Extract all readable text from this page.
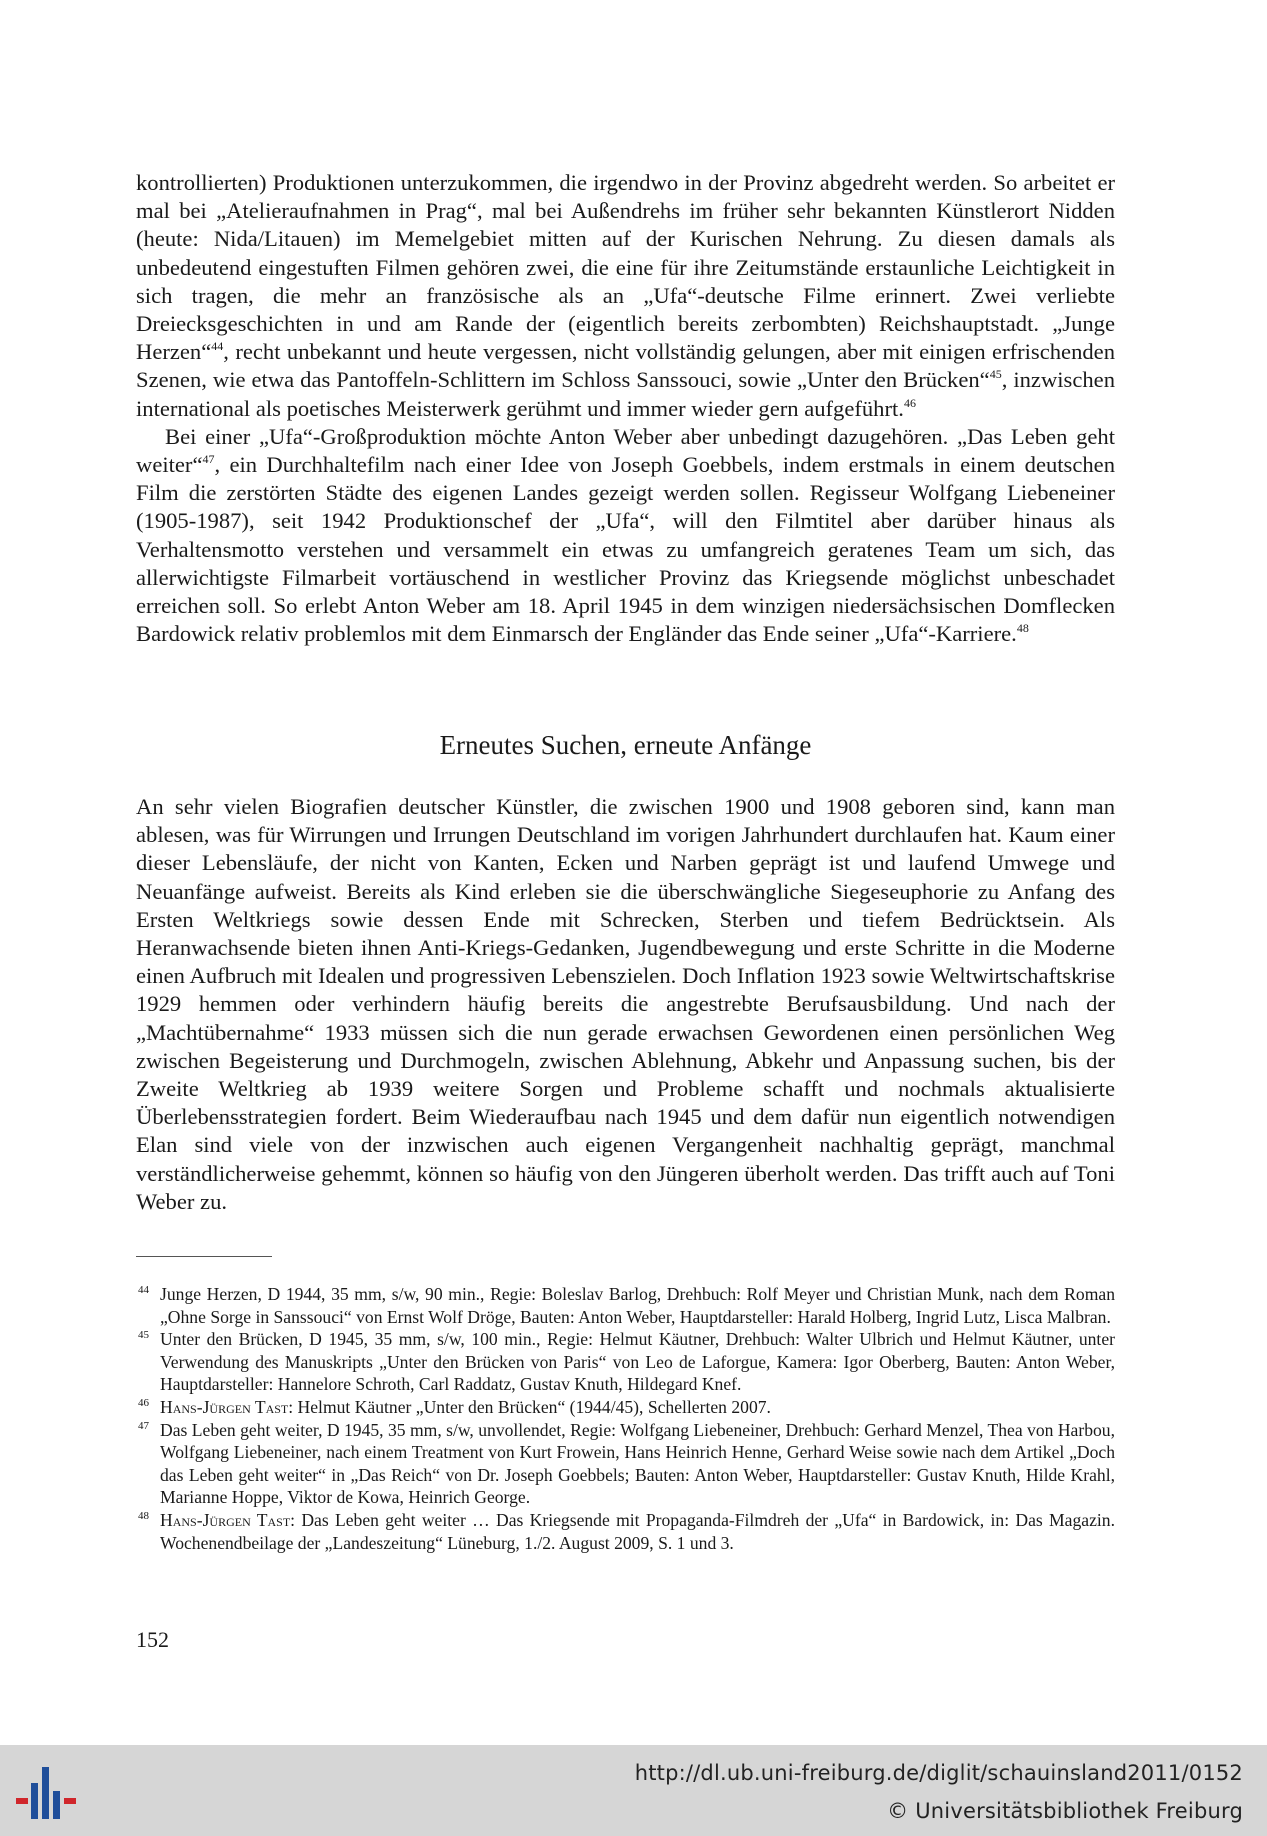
kontrollierten) Produktionen unterzukommen, die irgendwo in der Provinz abgedreht werden. So arbeitet er mal bei „Atelieraufnahmen in Prag“, mal bei Außendrehs im früher sehr bekannten Künstlerort Nidden (heute: Nida/Litauen) im Memelgebiet mitten auf der Kurischen Nehrung. Zu diesen damals als unbedeutend eingestuften Filmen gehören zwei, die eine für ihre Zeitumstände erstaunliche Leichtigkeit in sich tragen, die mehr an französische als an „Ufa“-deutsche Filme erinnert. Zwei verliebte Dreiecksgeschichten in und am Rande der (eigentlich bereits zerbombten) Reichshauptstadt. „Junge Herzen“$^{44}$, recht unbekannt und heute vergessen, nicht vollständig gelungen, aber mit einigen erfrischenden Szenen, wie etwa das Pantoffeln-Schlittern im Schloss Sanssouci, sowie „Unter den Brücken“$^{45}$, inzwischen international als poetisches Meisterwerk gerühmt und immer wieder gern aufgeführt.$^{46}$

Bei einer „Ufa“-Großproduktion möchte Anton Weber aber unbedingt dazugehören. „Das Leben geht weiter“$^{47}$, ein Durchhaltefilm nach einer Idee von Joseph Goebbels, indem erstmals in einem deutschen Film die zerstörten Städte des eigenen Landes gezeigt werden sollen. Regisseur Wolfgang Liebeneiner (1905-1987), seit 1942 Produktionschef der „Ufa“, will den Filmtitel aber darüber hinaus als Verhaltensmotto verstehen und versammelt ein etwas zu umfangreich geratenes Team um sich, das allerwichtigste Filmarbeit vortäuschend in westlicher Provinz das Kriegsende möglichst unbeschadet erreichen soll. So erlebt Anton Weber am 18. April 1945 in dem winzigen niedersächsischen Domflecken Bardowick relativ problemlos mit dem Einmarsch der Engländer das Ende seiner „Ufa“-Karriere.$^{48}$

Erneutes Suchen, erneute Anfänge

An sehr vielen Biografien deutscher Künstler, die zwischen 1900 und 1908 geboren sind, kann man ablesen, was für Wirrungen und Irrungen Deutschland im vorigen Jahrhundert durchlaufen hat. Kaum einer dieser Lebensläufe, der nicht von Kanten, Ecken und Narben geprägt ist und laufend Umwege und Neuanfänge aufweist. Bereits als Kind erleben sie die überschwängliche Siegeseuphorie zu Anfang des Ersten Weltkriegs sowie dessen Ende mit Schrecken, Sterben und tiefem Bedrücktsein. Als Heranwachsende bieten ihnen Anti-Kriegs-Gedanken, Jugendbewegung und erste Schritte in die Moderne einen Aufbruch mit Idealen und progressiven Lebenszielen. Doch Inflation 1923 sowie Weltwirtschaftskrise 1929 hemmen oder verhindern häufig bereits die angestrebte Berufsausbildung. Und nach der „Machtübernahme“ 1933 müssen sich die nun gerade erwachsen Gewordenen einen persönlichen Weg zwischen Begeisterung und Durchmogeln, zwischen Ablehnung, Abkehr und Anpassung suchen, bis der Zweite Weltkrieg ab 1939 weitere Sorgen und Probleme schafft und nochmals aktualisierte Überlebensstrategien fordert. Beim Wiederaufbau nach 1945 und dem dafür nun eigentlich notwendigen Elan sind viele von der inzwischen auch eigenen Vergangenheit nachhaltig geprägt, manchmal verständlicherweise gehemmt, können so häufig von den Jüngeren überholt werden. Das trifft auch auf Toni Weber zu.

44 Junge Herzen, D 1944, 35 mm, s/w, 90 min., Regie: Boleslav Barlog, Drehbuch: Rolf Meyer und Christian Munk, nach dem Roman „Ohne Sorge in Sanssouci“ von Ernst Wolf Dröge, Bauten: Anton Weber, Hauptdarsteller: Harald Holberg, Ingrid Lutz, Lisca Malbran.
45 Unter den Brücken, D 1945, 35 mm, s/w, 100 min., Regie: Helmut Käutner, Drehbuch: Walter Ulbrich und Helmut Käutner, unter Verwendung des Manuskripts „Unter den Brücken von Paris“ von Leo de Laforgue, Kamera: Igor Oberberg, Bauten: Anton Weber, Hauptdarsteller: Hannelore Schroth, Carl Raddatz, Gustav Knuth, Hildegard Knef.
46 Hans-Jürgen Tast: Helmut Käutner „Unter den Brücken“ (1944/45), Schellerten 2007.
47 Das Leben geht weiter, D 1945, 35 mm, s/w, unvollendet, Regie: Wolfgang Liebeneiner, Drehbuch: Gerhard Menzel, Thea von Harbou, Wolfgang Liebeneiner, nach einem Treatment von Kurt Frowein, Hans Heinrich Henne, Gerhard Weise sowie nach dem Artikel „Doch das Leben geht weiter“ in „Das Reich“ von Dr. Joseph Goebbels; Bauten: Anton Weber, Hauptdarsteller: Gustav Knuth, Hilde Krahl, Marianne Hoppe, Viktor de Kowa, Heinrich George.
48 Hans-Jürgen Tast: Das Leben geht weiter … Das Kriegsende mit Propaganda-Filmdreh der „Ufa“ in Bardowick, in: Das Magazin. Wochenendbeilage der „Landeszeitung“ Lüneburg, 1./2. August 2009, S. 1 und 3.
152
http://dl.ub.uni-freiburg.de/diglit/schauinsland2011/0152
© Universitätsbibliothek Freiburg
